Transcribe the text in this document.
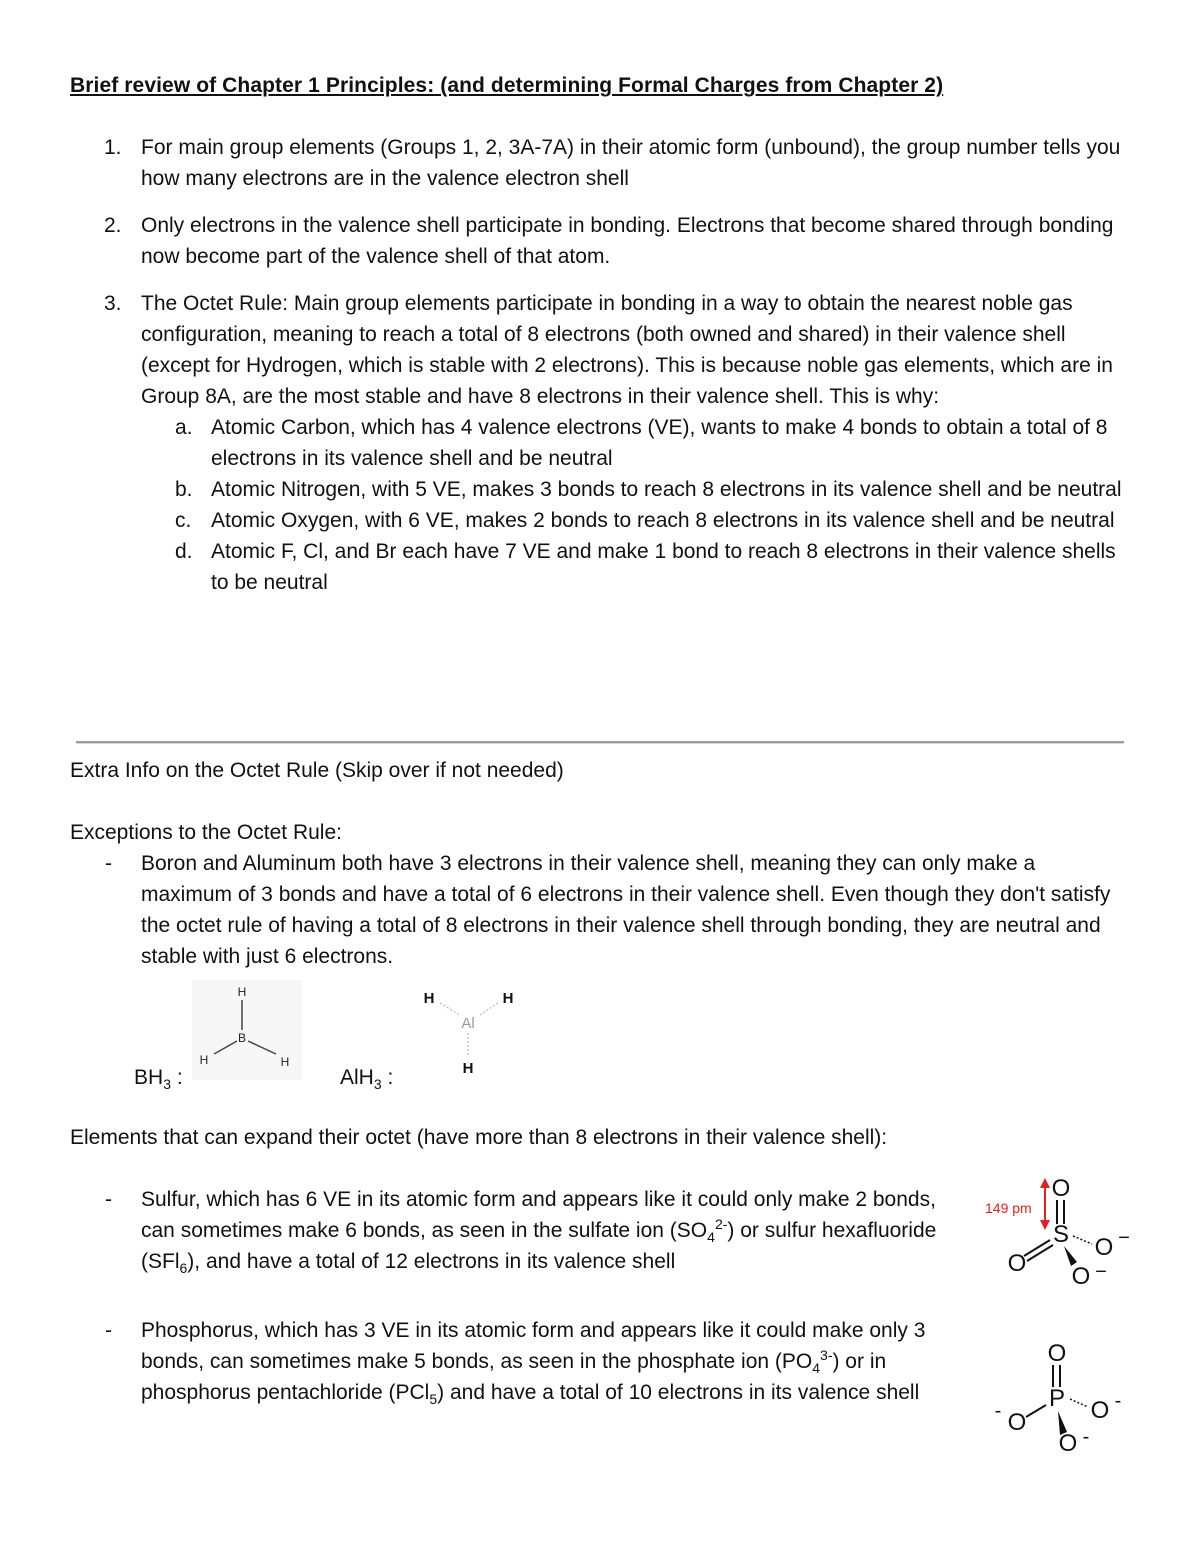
Brief review of Chapter 1 Principles: (and determining Formal Charges from Chapter 2)
1. For main group elements (Groups 1, 2, 3A-7A) in their atomic form (unbound), the group number tells you how many electrons are in the valence electron shell
2. Only electrons in the valence shell participate in bonding. Electrons that become shared through bonding now become part of the valence shell of that atom.
3. The Octet Rule: Main group elements participate in bonding in a way to obtain the nearest noble gas configuration, meaning to reach a total of 8 electrons (both owned and shared) in their valence shell (except for Hydrogen, which is stable with 2 electrons). This is because noble gas elements, which are in Group 8A, are the most stable and have 8 electrons in their valence shell. This is why:
a. Atomic Carbon, which has 4 valence electrons (VE), wants to make 4 bonds to obtain a total of 8 electrons in its valence shell and be neutral
b. Atomic Nitrogen, with 5 VE, makes 3 bonds to reach 8 electrons in its valence shell and be neutral
c. Atomic Oxygen, with 6 VE, makes 2 bonds to reach 8 electrons in its valence shell and be neutral
d. Atomic F, Cl, and Br each have 7 VE and make 1 bond to reach 8 electrons in their valence shells to be neutral
Extra Info on the Octet Rule (Skip over if not needed)
Exceptions to the Octet Rule:
- Boron and Aluminum both have 3 electrons in their valence shell, meaning they can only make a maximum of 3 bonds and have a total of 6 electrons in their valence shell. Even though they don't satisfy the octet rule of having a total of 8 electrons in their valence shell through bonding, they are neutral and stable with just 6 electrons.
$BH_3$ :
H
B
H	H
AlH$_3$ :
H	H
Al
H
Elements that can expand their octet (have more than 8 electrons in their valence shell):
- Sulfur, which has 6 VE in its atomic form and appears like it could only make 2 bonds, can sometimes make 6 bonds, as seen in the sulfate ion $(SO_4^{2-})$ or sulfur hexafluoride (SFl$_6$), and have a total of 12 electrons in its valence shell
149 pm
O
S
O
O −
O −
- Phosphorus, which has 3 VE in its atomic form and appears like it could make only 3 bonds, can sometimes make 5 bonds, as seen in the phosphate ion $(PO_4^{3-})$ or in phosphorus pentachloride (PCl$_5$) and have a total of 10 electrons in its valence shell
O
P
- O	O -
O -
